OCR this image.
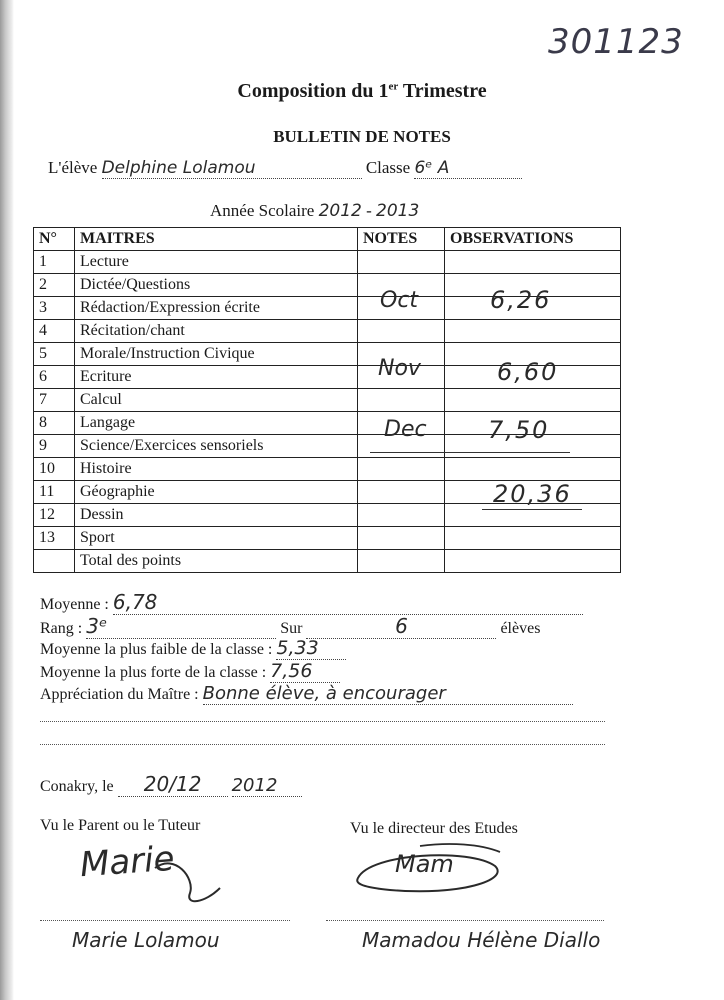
301123
Composition du 1er Trimestre
BULLETIN DE NOTES
L'élève Delphine Lolamou	Classe 6ᵉ A
Année Scolaire 2012 - 2013
N°	MAITRES	NOTES	OBSERVATIONS
1	Lecture		
2	Dictée/Questions		
3	Rédaction/Expression écrite		
4	Récitation/chant		
5	Morale/Instruction Civique		
6	Ecriture		
7	Calcul		
8	Langage		
9	Science/Exercices sensoriels		
10	Histoire		
11	Géographie		
12	Dessin		
13	Sport		
	Total des points		
Oct	6,26
Nov	6,60
Dec	7,50
20,36
Moyenne : 6,78
Rang : 3ᵉ	Sur	6	élèves
Moyenne la plus faible de la classe : 5,33
Moyenne la plus forte de la classe : 7,56
Appréciation du Maître : Bonne élève, à encourager
Conakry, le 20/12 2012
Vu le Parent ou le Tuteur	Vu le directeur des Etudes
Marie	Mam
Marie Lolamou	Mamadou Hélène Diallo
